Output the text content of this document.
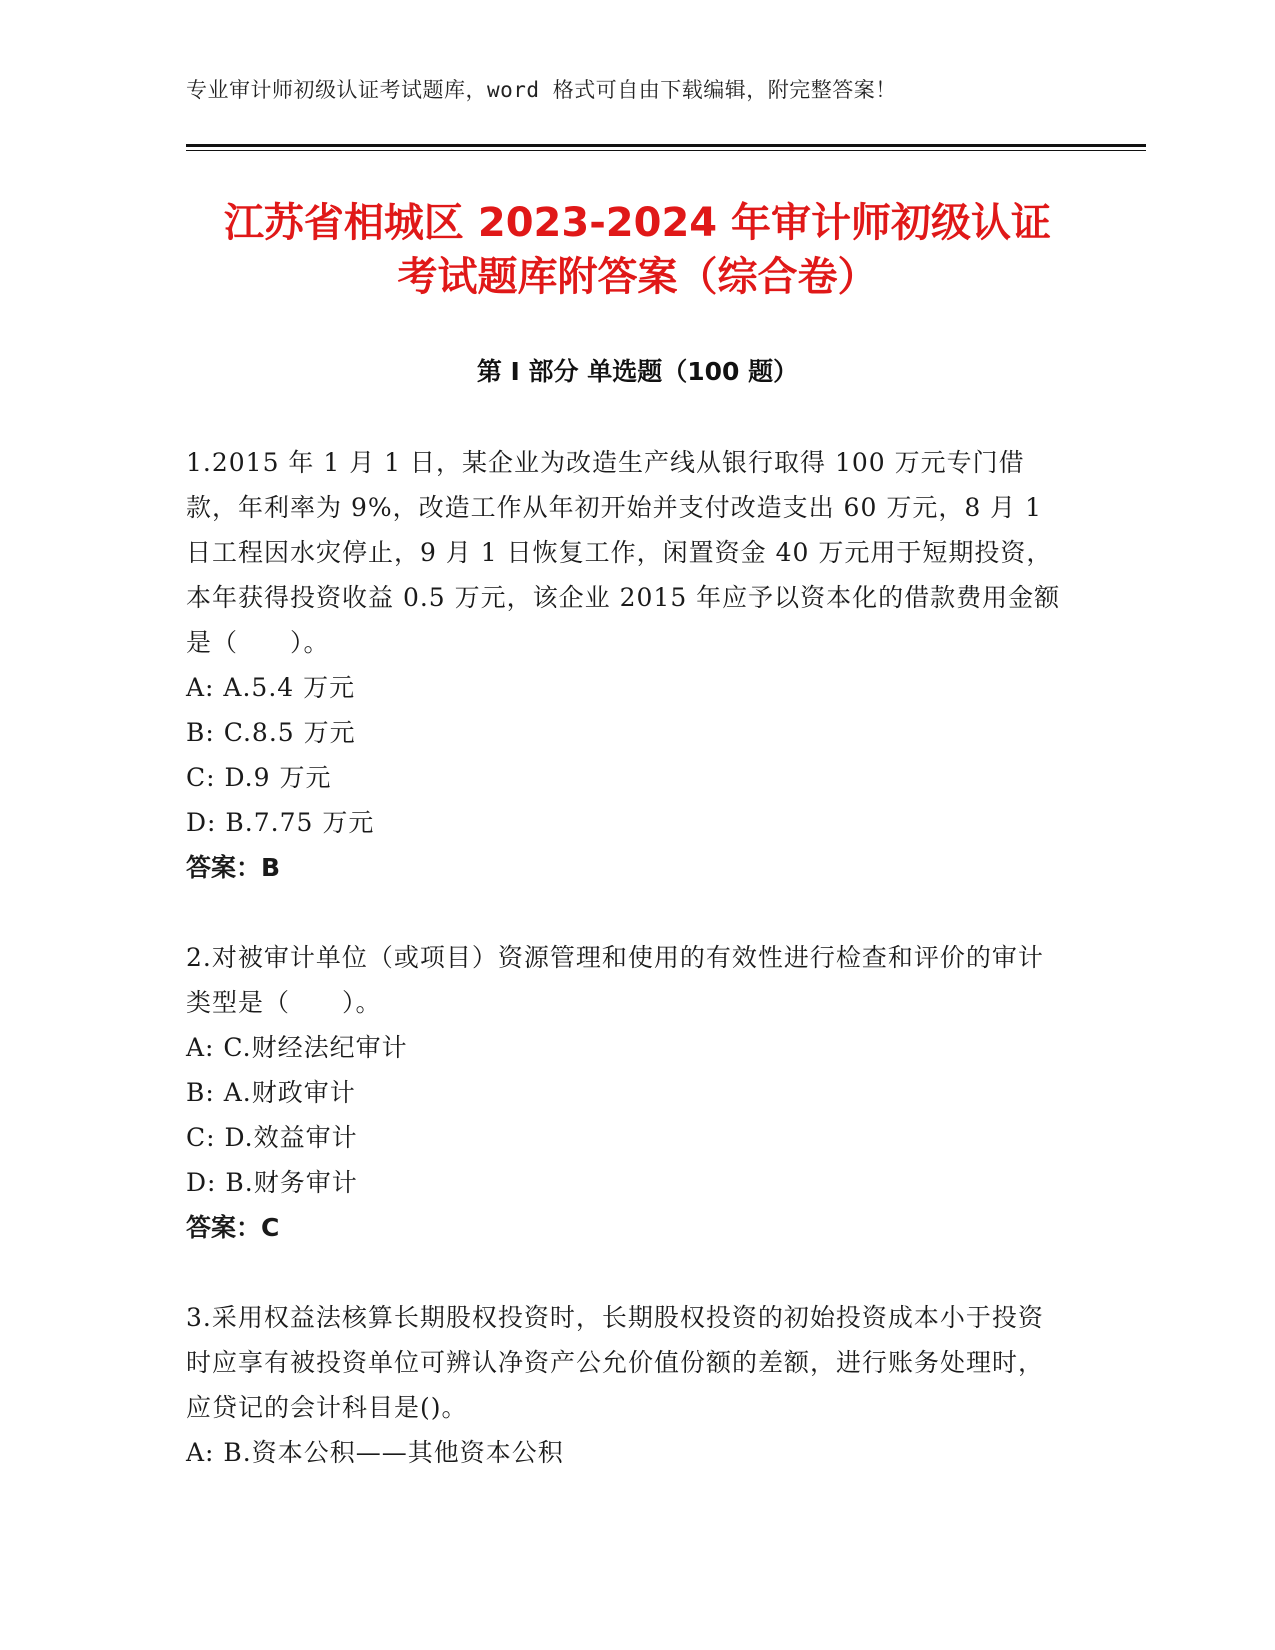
专业审计师初级认证考试题库，word 格式可自由下载编辑，附完整答案！
江苏省相城区 2023-2024 年审计师初级认证
考试题库附答案（综合卷）
第 I 部分 单选题（100 题）
1.2015 年 1 月 1 日，某企业为改造生产线从银行取得 100 万元专门借款，年利率为 9%，改造工作从年初开始并支付改造支出 60 万元，8 月 1 日工程因水灾停止，9 月 1 日恢复工作，闲置资金 40 万元用于短期投资，本年获得投资收益 0.5 万元，该企业 2015 年应予以资本化的借款费用金额是（　　）。
A: A.5.4 万元
B: C.8.5 万元
C: D.9 万元
D: B.7.75 万元
答案：B
2.对被审计单位（或项目）资源管理和使用的有效性进行检查和评价的审计类型是（　　）。
A: C.财经法纪审计
B: A.财政审计
C: D.效益审计
D: B.财务审计
答案：C
3.采用权益法核算长期股权投资时，长期股权投资的初始投资成本小于投资时应享有被投资单位可辨认净资产公允价值份额的差额，进行账务处理时，应贷记的会计科目是()。
A: B.资本公积——其他资本公积
